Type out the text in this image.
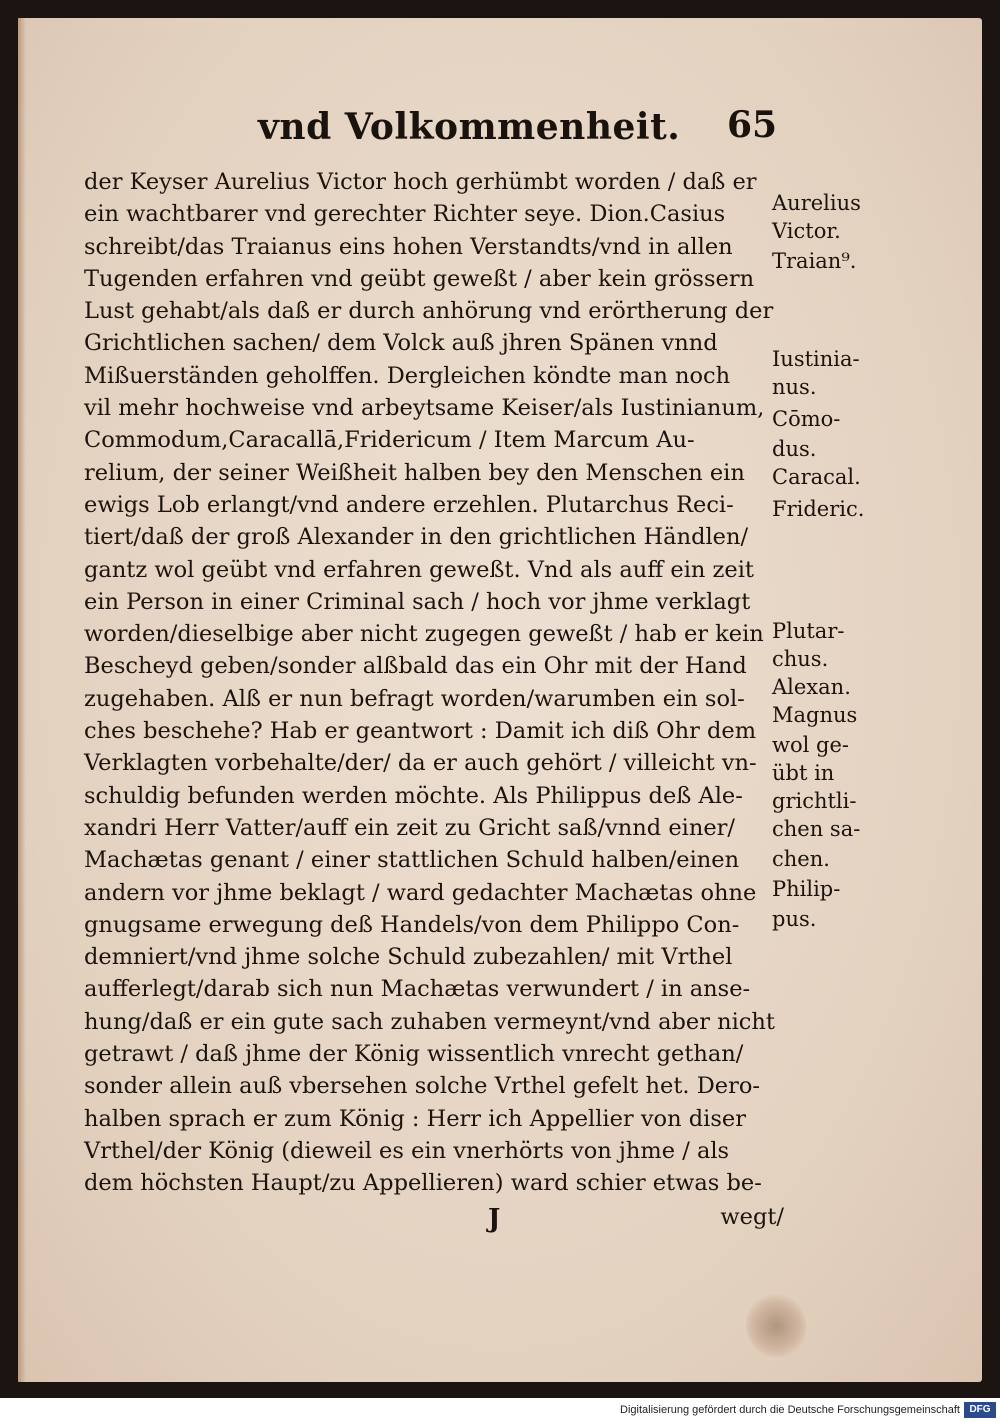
vnd Volkommenheit. 65
der Keyser Aurelius Victor hoch gerhümbt worden / daß er
ein wachtbarer vnd gerechter Richter seye. Dion.Casius
schreibt/das Traianus eins hohen Verstandts/vnd in allen
Tugenden erfahren vnd geübt geweßt / aber kein grössern
Lust gehabt/als daß er durch anhörung vnd erörtherung der
Grichtlichen sachen/ dem Volck auß jhren Spänen vnnd
Mißuerständen geholffen. Dergleichen köndte man noch
vil mehr hochweise vnd arbeytsame Keiser/als Iustinianum,
Commodum,Caracallā,Fridericum / Item Marcum Au-
relium, der seiner Weißheit halben bey den Menschen ein
ewigs Lob erlangt/vnd andere erzehlen. Plutarchus Reci-
tiert/daß der groß Alexander in den grichtlichen Händlen/
gantz wol geübt vnd erfahren geweßt. Vnd als auff ein zeit
ein Person in einer Criminal sach / hoch vor jhme verklagt
worden/dieselbige aber nicht zugegen geweßt / hab er kein
Bescheyd geben/sonder alßbald das ein Ohr mit der Hand
zugehaben. Alß er nun befragt worden/warumben ein sol-
ches beschehe? Hab er geantwort : Damit ich diß Ohr dem
Verklagten vorbehalte/der/ da er auch gehört / villeicht vn-
schuldig befunden werden möchte. Als Philippus deß Ale-
xandri Herr Vatter/auff ein zeit zu Gricht saß/vnnd einer/
Machætas genant / einer stattlichen Schuld halben/einen
andern vor jhme beklagt / ward gedachter Machætas ohne
gnugsame erwegung deß Handels/von dem Philippo Con-
demniert/vnd jhme solche Schuld zubezahlen/ mit Vrthel
aufferlegt/darab sich nun Machætas verwundert / in anse-
hung/daß er ein gute sach zuhaben vermeynt/vnd aber nicht
getrawt / daß jhme der König wissentlich vnrecht gethan/
sonder allein auß vbersehen solche Vrthel gefelt het. Dero-
halben sprach er zum König : Herr ich Appellier von diser
Vrthel/der König (dieweil es ein vnerhörts von jhme / als
dem höchsten Haupt/zu Appellieren) ward schier etwas be-
Aurelius
Victor.
Traian⁹.
Iustinia-
nus.
Cōmo-
dus.
Caracal.
Frideric.
Plutar-
chus.
Alexan.
Magnus
wol ge-
übt in
grichtli-
chen sa-
chen.
Philip-
pus.
J	wegt/
Digitalisierung gefördert durch die Deutsche Forschungsgemeinschaft DFG
